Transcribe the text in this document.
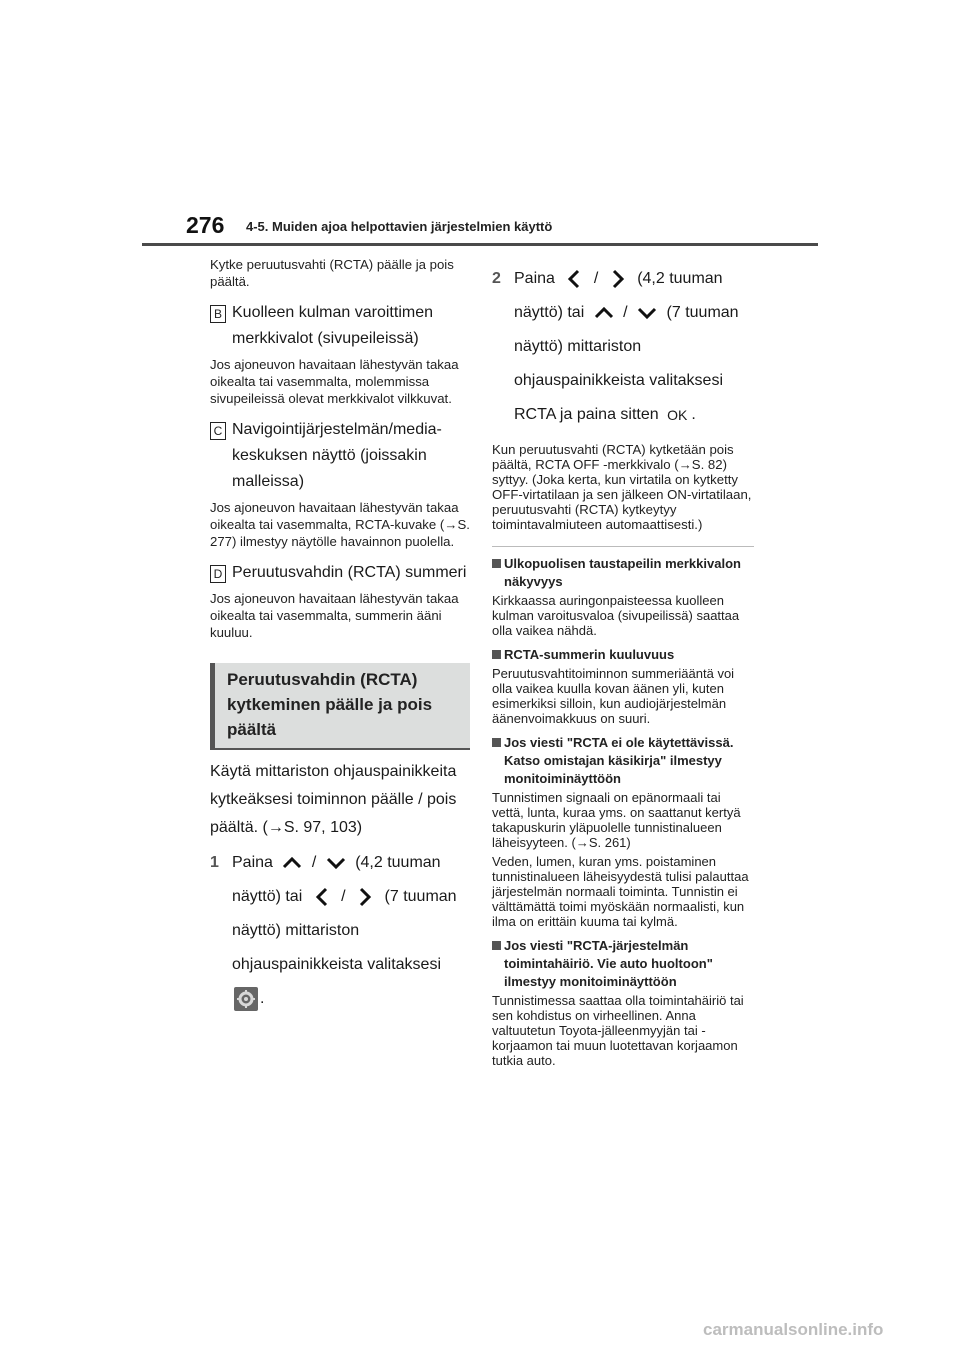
276 4-5. Muiden ajoa helpottavien järjestelmien käyttö

Kytke peruutusvahti (RCTA) päälle ja pois päältä.

B Kuolleen kulman varoittimen merkkivalot (sivupeileissä)

Jos ajoneuvon havaitaan lähestyvän takaa oikealta tai vasemmalta, molemmissa sivupeileissä olevat merkkivalot vilkkuvat.

C Navigointijärjestelmän/media-keskuksen näyttö (joissakin malleissa)

Jos ajoneuvon havaitaan lähestyvän takaa oikealta tai vasemmalta, RCTA-kuvake (→S. 277) ilmestyy näytölle havainnon puolella.

D Peruutusvahdin (RCTA) summeri

Jos ajoneuvon havaitaan lähestyvän takaa oikealta tai vasemmalta, summerin ääni kuuluu.

Peruutusvahdin (RCTA) kytkeminen päälle ja pois päältä

Käytä mittariston ohjauspainikkeita kytkeäksesi toiminnon päälle / pois päältä. (→S. 97, 103)

1 Paina / (4,2 tuuman näyttö) tai / (7 tuuman näyttö) mittariston ohjauspainikkeista valitaksesi .

2 Paina / (4,2 tuuman näyttö) tai / (7 tuuman näyttö) mittariston ohjauspainikkeista valitaksesi RCTA ja paina sitten OK .

Kun peruutusvahti (RCTA) kytketään pois päältä, RCTA OFF -merkkivalo (→S. 82) syttyy. (Joka kerta, kun virtatila on kytketty OFF-virtatilaan ja sen jälkeen ON-virtatilaan, peruutusvahti (RCTA) kytkeytyy toimintavalmiuteen automaattisesti.)

Ulkopuolisen taustapeilin merkkivalon näkyvyys

Kirkkaassa auringonpaisteessa kuolleen kulman varoitusvaloa (sivupeilissä) saattaa olla vaikea nähdä.

RCTA-summerin kuuluvuus

Peruutusvahtitoiminnon summeriääntä voi olla vaikea kuulla kovan äänen yli, kuten esimerkiksi silloin, kun audiojärjestelmän äänenvoimakkuus on suuri.

Jos viesti "RCTA ei ole käytettävissä. Katso omistajan käsikirja" ilmestyy monitoiminäyttöön

Tunnistimen signaali on epänormaali tai vettä, lunta, kuraa yms. on saattanut kertyä takapuskurin yläpuolelle tunnistinalueen läheisyyteen. (→S. 261)

Veden, lumen, kuran yms. poistaminen tunnistinalueen läheisyydestä tulisi palauttaa järjestelmän normaali toiminta. Tunnistin ei välttämättä toimi myöskään normaalisti, kun ilma on erittäin kuuma tai kylmä.

Jos viesti "RCTA-järjestelmän toimintahäiriö. Vie auto huoltoon" ilmestyy monitoiminäyttöön

Tunnistimessa saattaa olla toimintahäiriö tai sen kohdistus on virheellinen. Anna valtuutetun Toyota-jälleenmyyjän tai -korjaamon tai muun luotettavan korjaamon tutkia auto.

carmanualsonline.info
